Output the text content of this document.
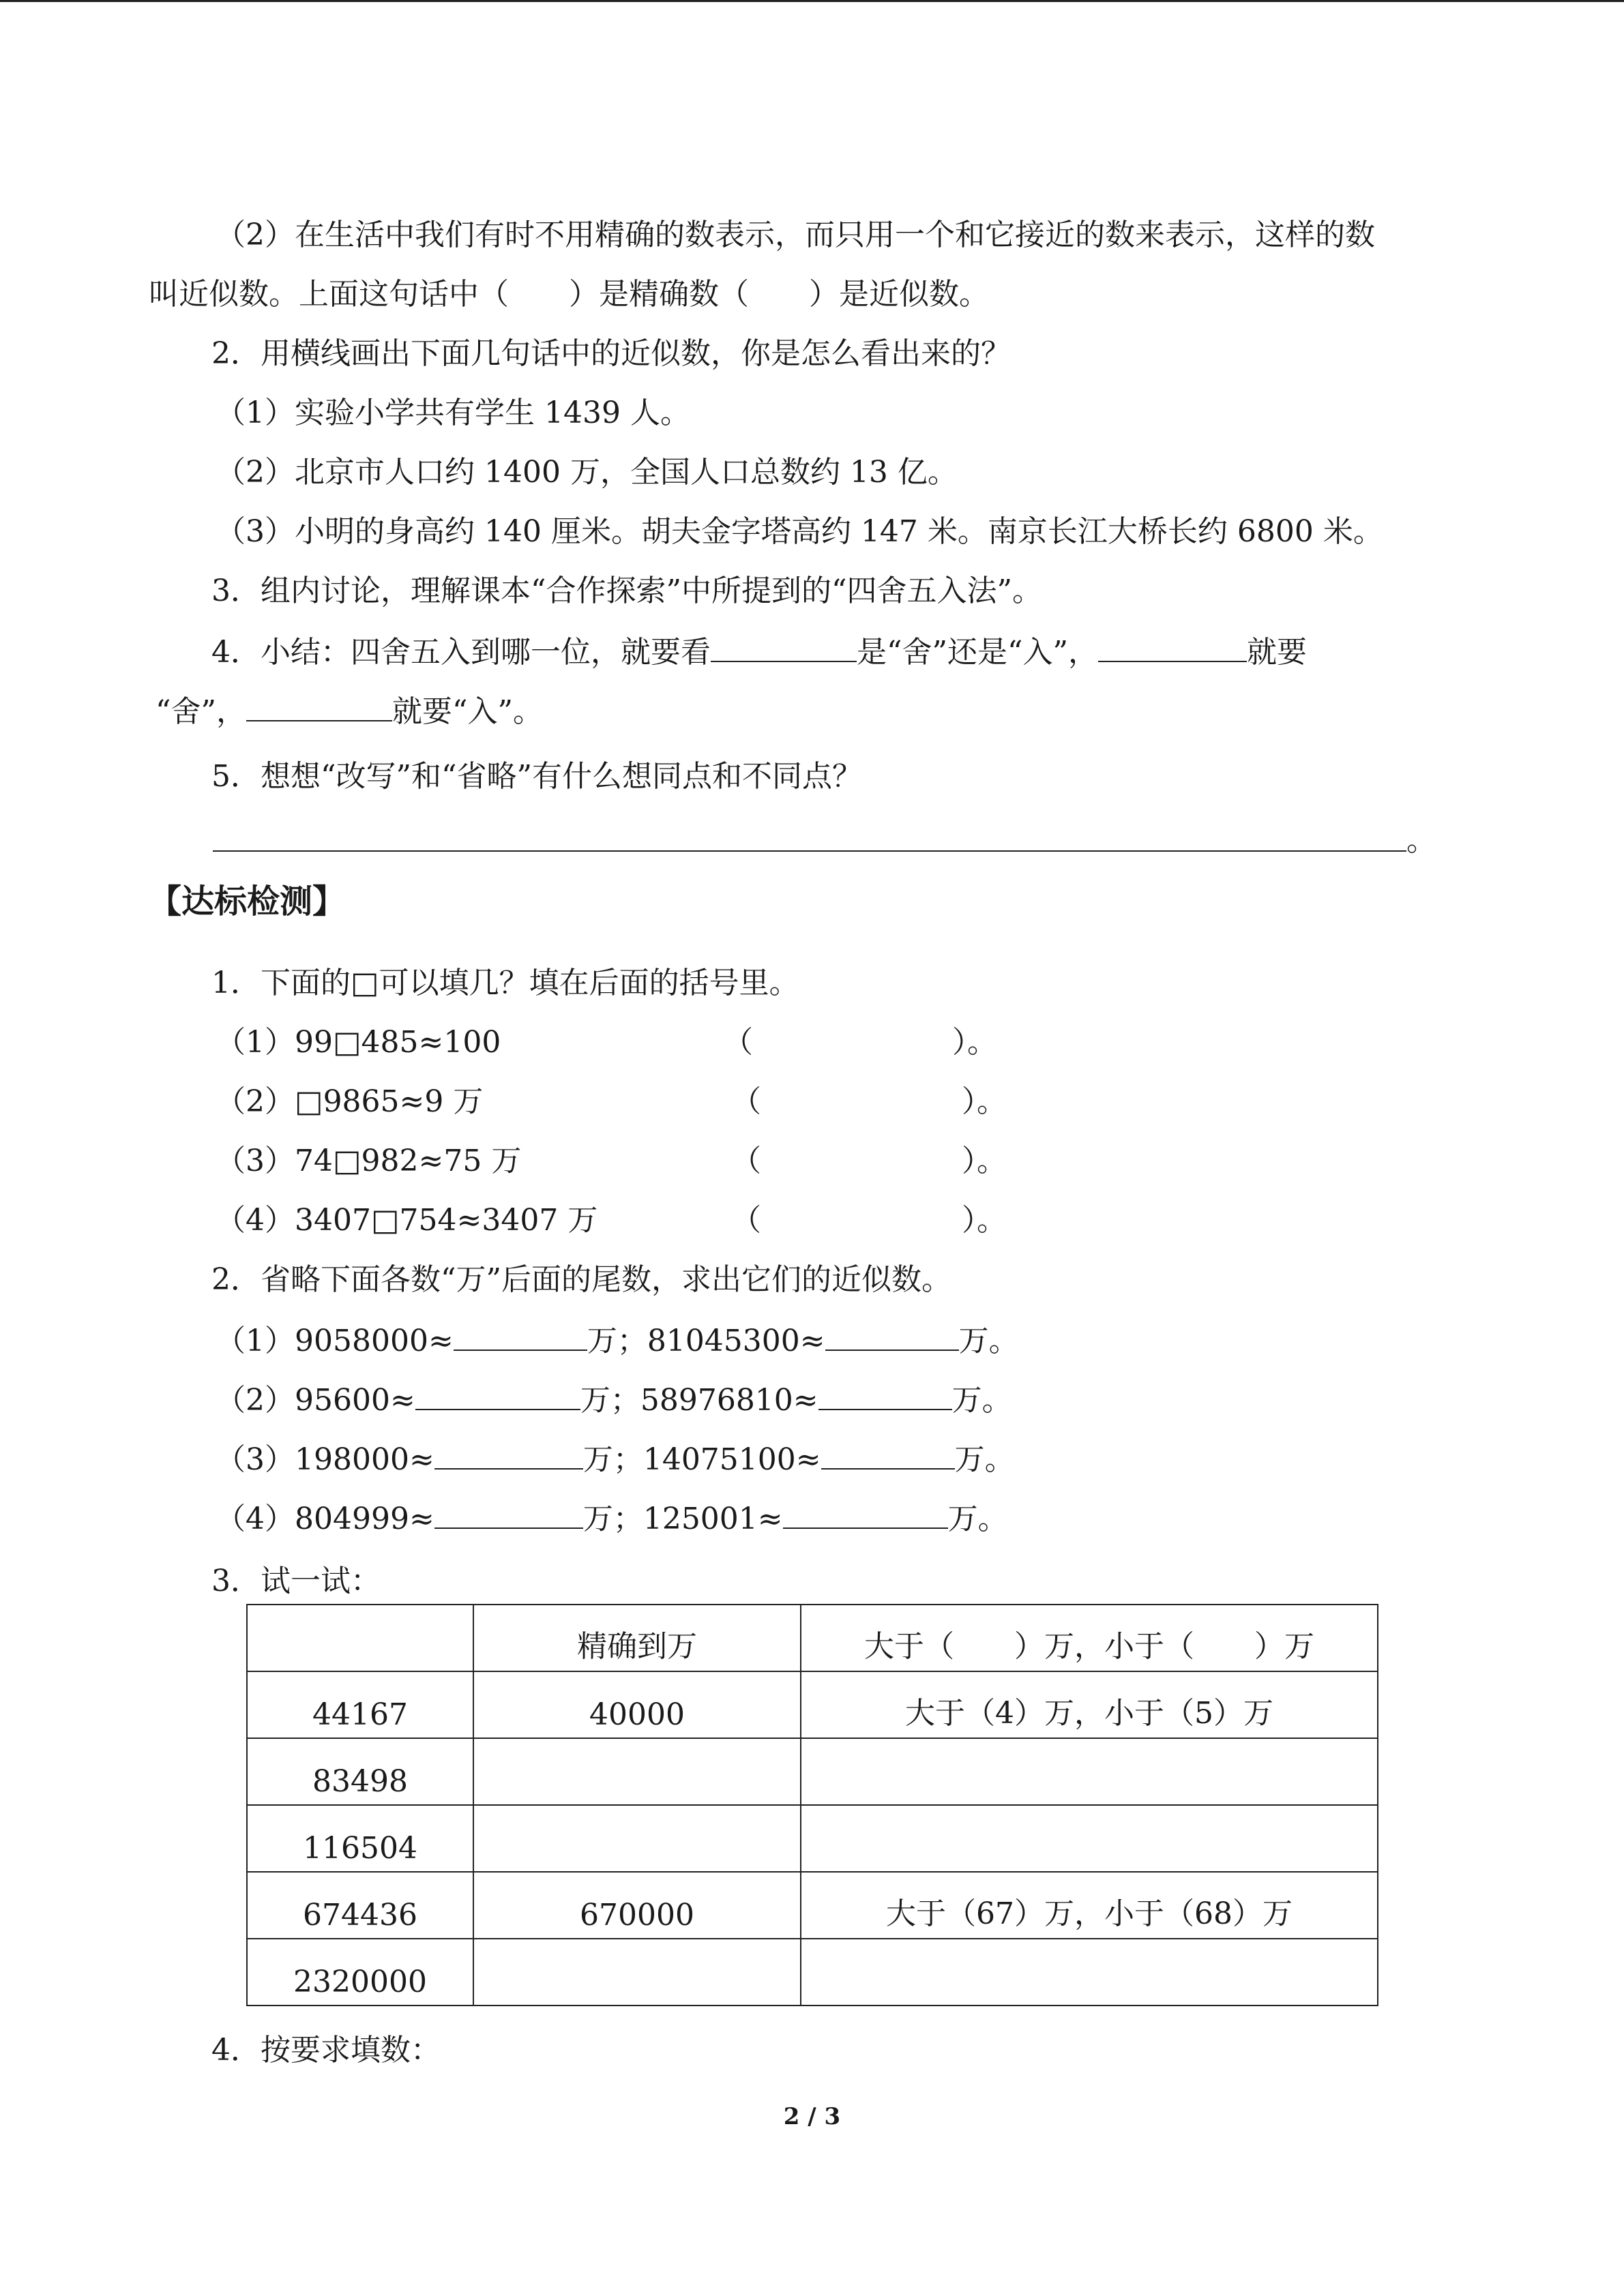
（2）在生活中我们有时不用精确的数表示，而只用一个和它接近的数来表示，这样的数
叫近似数。上面这句话中（　　）是精确数（　　）是近似数。
2．用横线画出下面几句话中的近似数，你是怎么看出来的？
（1）实验小学共有学生 1439 人。
（2）北京市人口约 1400 万，全国人口总数约 13 亿。
（3）小明的身高约 140 厘米。胡夫金字塔高约 147 米。南京长江大桥长约 6800 米。
3．组内讨论，理解课本“合作探索”中所提到的“四舍五入法”。
4．小结：四舍五入到哪一位，就要看	是“舍”还是“入”，	就要
“舍”，	就要“入”。
5．想想“改写”和“省略”有什么想同点和不同点？
。
【达标检测】
1．下面的□可以填几？填在后面的括号里。
（1）99□485≈100	（	）。
（2）□9865≈9 万	（	）。
（3）74□982≈75 万	（	）。
（4）3407□754≈3407 万	（	）。
2．省略下面各数“万”后面的尾数，求出它们的近似数。
（1）9058000≈	万；81045300≈	万。
（2）95600≈	万；58976810≈	万。
（3）198000≈	万；14075100≈	万。
（4）804999≈	万；125001≈	万。
3．试一试：
	精确到万	大于（　　）万，小于（　　）万
44167	40000	大于（4）万，小于（5）万
83498		
116504		
674436	670000	大于（67）万，小于（68）万
2320000		
4．按要求填数：
2 / 3
